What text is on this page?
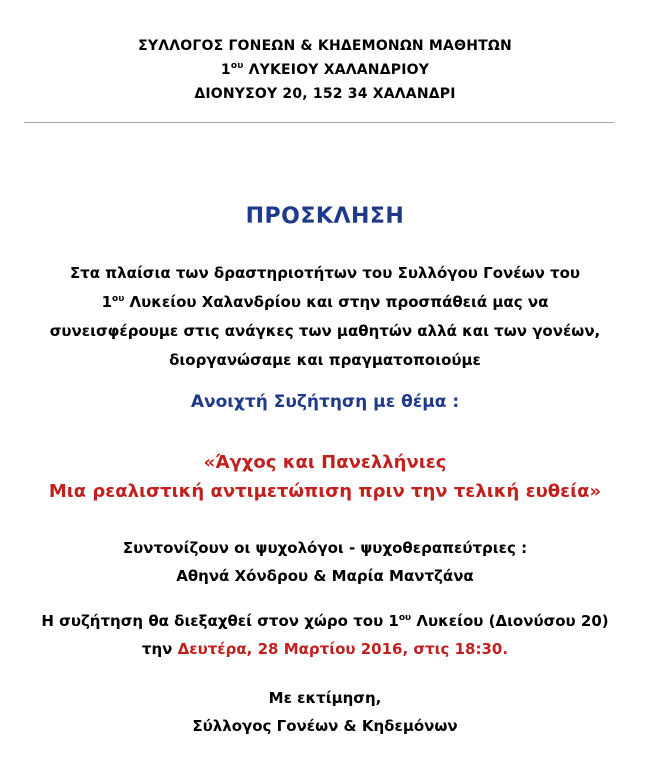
ΣΥΛΛΟΓΟΣ ΓΟΝΕΩΝ & ΚΗΔΕΜΟΝΩΝ ΜΑΘΗΤΩΝ
$1^{o\upsilon}$ ΛΥΚΕΙΟΥ ΧΑΛΑΝΔΡΙΟΥ
ΔΙΟΝΥΣΟΥ 20, 152 34 ΧΑΛΑΝΔΡΙ
ΠΡΟΣΚΛΗΣΗ
Στα πλαίσια των δραστηριοτήτων του Συλλόγου Γονέων του
$1^{o\upsilon}$ Λυκείου Χαλανδρίου και στην προσπάθειά μας να
συνεισφέρουμε στις ανάγκες των μαθητών αλλά και των γονέων,
διοργανώσαμε και πραγματοποιούμε
Ανοιχτή Συζήτηση με θέμα :
«Άγχος και Πανελλήνιες
Μια ρεαλιστική αντιμετώπιση πριν την τελική ευθεία»
Συντονίζουν οι ψυχολόγοι - ψυχοθεραπεύτριες :
Αθηνά Χόνδρου & Μαρία Μαντζάνα
Η συζήτηση θα διεξαχθεί στον χώρο του $1^{o\upsilon}$ Λυκείου (Διονύσου 20)
την Δευτέρα, 28 Μαρτίου 2016, στις 18:30.
Με εκτίμηση,
Σύλλογος Γονέων & Κηδεμόνων
